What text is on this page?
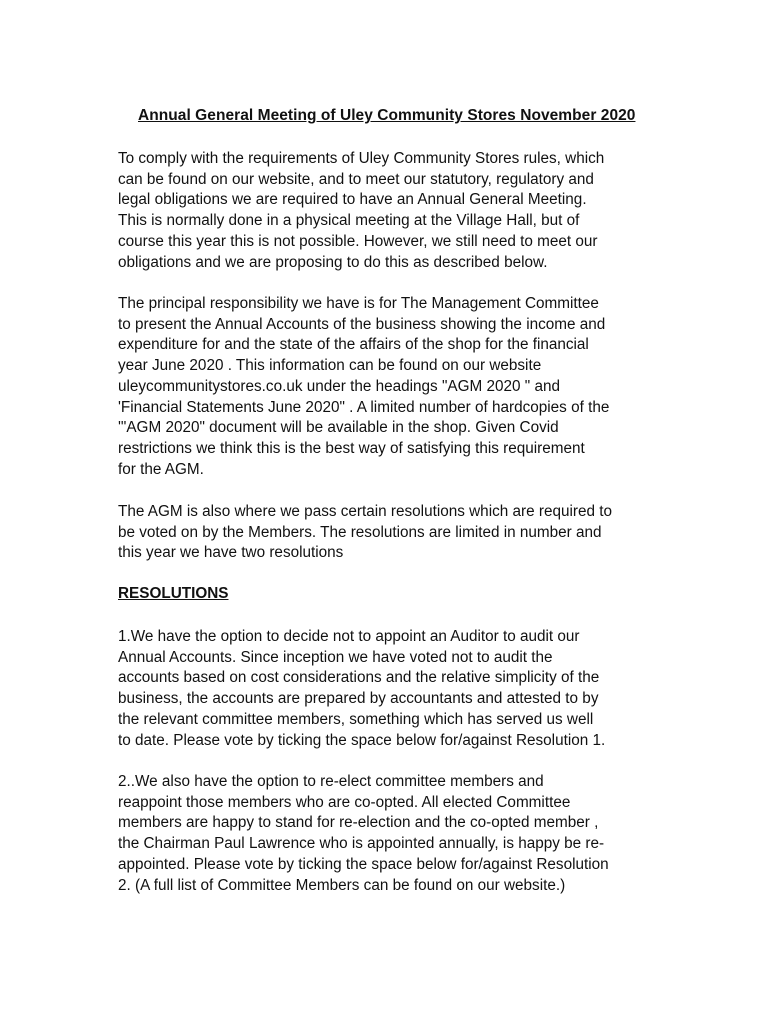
Annual General Meeting of Uley Community Stores November 2020
To comply with the requirements of Uley Community Stores rules, which
can be found on our website, and to meet our statutory, regulatory and
legal obligations we are required to have an Annual General Meeting.
This is normally done in a physical meeting at the Village Hall, but of
course this year this is not possible. However, we still need to meet our
obligations and we are proposing to do this as described below.
The principal responsibility we have is for The Management Committee
to present the Annual Accounts of the business showing the income and
expenditure for and the state of the affairs of the shop for the financial
year June 2020 . This information can be found on our website
uleycommunitystores.co.uk under the headings "AGM 2020 " and
'Financial Statements June 2020" . A limited number of hardcopies of the
'"AGM 2020" document will be available in the shop. Given Covid
restrictions we think this is the best way of satisfying this requirement
for the AGM.
The AGM is also where we pass certain resolutions which are required to
be voted on by the Members. The resolutions are limited in number and
this year we have two resolutions
RESOLUTIONS
1.We have the option to decide not to appoint an Auditor to audit our
Annual Accounts. Since inception we have voted not to audit the
accounts based on cost considerations and the relative simplicity of the
business, the accounts are prepared by accountants and attested to by
the relevant committee members, something which has served us well
to date. Please vote by ticking the space below for/against Resolution 1.
2..We also have the option to re-elect committee members and
reappoint those members who are co-opted. All elected Committee
members are happy to stand for re-election and the co-opted member ,
the Chairman Paul Lawrence who is appointed annually, is happy be re-
appointed. Please vote by ticking the space below for/against Resolution
2. (A full list of Committee Members can be found on our website.)
